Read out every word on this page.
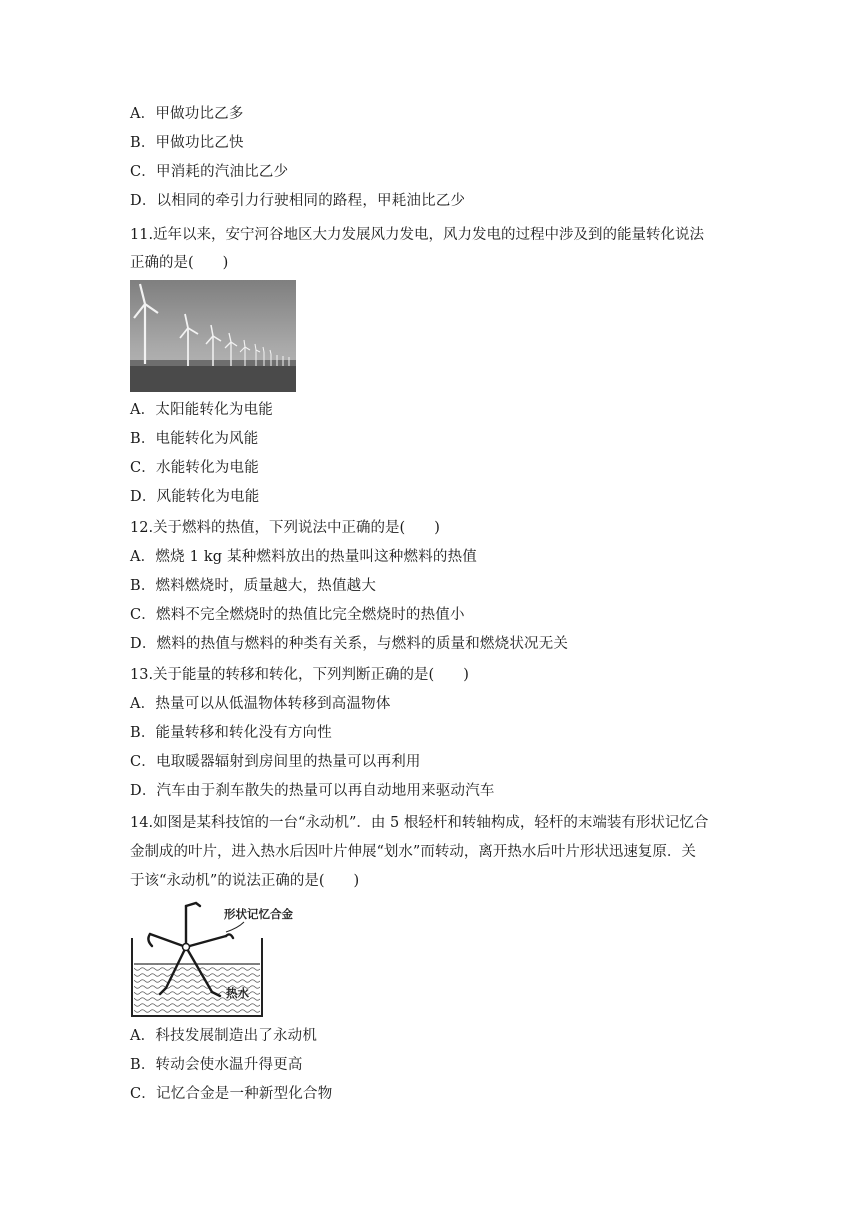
A．甲做功比乙多
B．甲做功比乙快
C．甲消耗的汽油比乙少
D．以相同的牵引力行驶相同的路程，甲耗油比乙少
11.近年以来，安宁河谷地区大力发展风力发电，风力发电的过程中涉及到的能量转化说法
正确的是(　　)
A．太阳能转化为电能
B．电能转化为风能
C．水能转化为电能
D．风能转化为电能
12.关于燃料的热值，下列说法中正确的是(　　)
A．燃烧 1 kg 某种燃料放出的热量叫这种燃料的热值
B．燃料燃烧时，质量越大，热值越大
C．燃料不完全燃烧时的热值比完全燃烧时的热值小
D．燃料的热值与燃料的种类有关系，与燃料的质量和燃烧状况无关
13.关于能量的转移和转化，下列判断正确的是(　　)
A．热量可以从低温物体转移到高温物体
B．能量转移和转化没有方向性
C．电取暖器辐射到房间里的热量可以再利用
D．汽车由于刹车散失的热量可以再自动地用来驱动汽车
14.如图是某科技馆的一台“永动机”．由 5 根轻杆和转轴构成，轻杆的末端装有形状记忆合
金制成的叶片，进入热水后因叶片伸展“划水”而转动，离开热水后叶片形状迅速复原．关
于该“永动机”的说法正确的是(　　)
形状记忆合金
热水
A．科技发展制造出了永动机
B．转动会使水温升得更高
C．记忆合金是一种新型化合物
